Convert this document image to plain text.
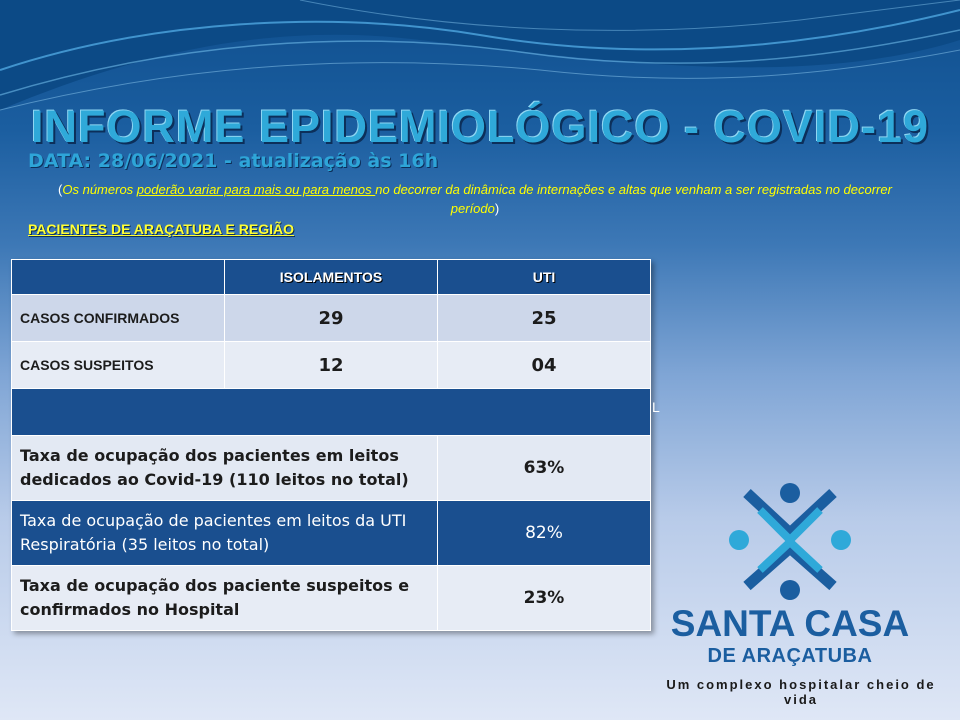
INFORME EPIDEMIOLÓGICO - COVID-19
DATA: 28/06/2021 - atualização às 16h
(Os números poderão variar para mais ou para menos no decorrer da dinâmica de internações e altas que venham a ser registradas no decorrer período)
PACIENTES DE ARAÇATUBA E REGIÃO
	ISOLAMENTOS	UTI
CASOS CONFIRMADOS	29	25
CASOS SUSPEITOS	12	04

Taxa de ocupação dos pacientes em leitos dedicados ao Covid-19 (110 leitos no total)		63%
Taxa de ocupação de pacientes em leitos da UTI Respiratória (35 leitos no total)		82%
Taxa de ocupação dos paciente suspeitos e confirmados no Hospital		23%
L
SANTA CASA
DE ARAÇATUBA
Um complexo hospitalar cheio de vida
